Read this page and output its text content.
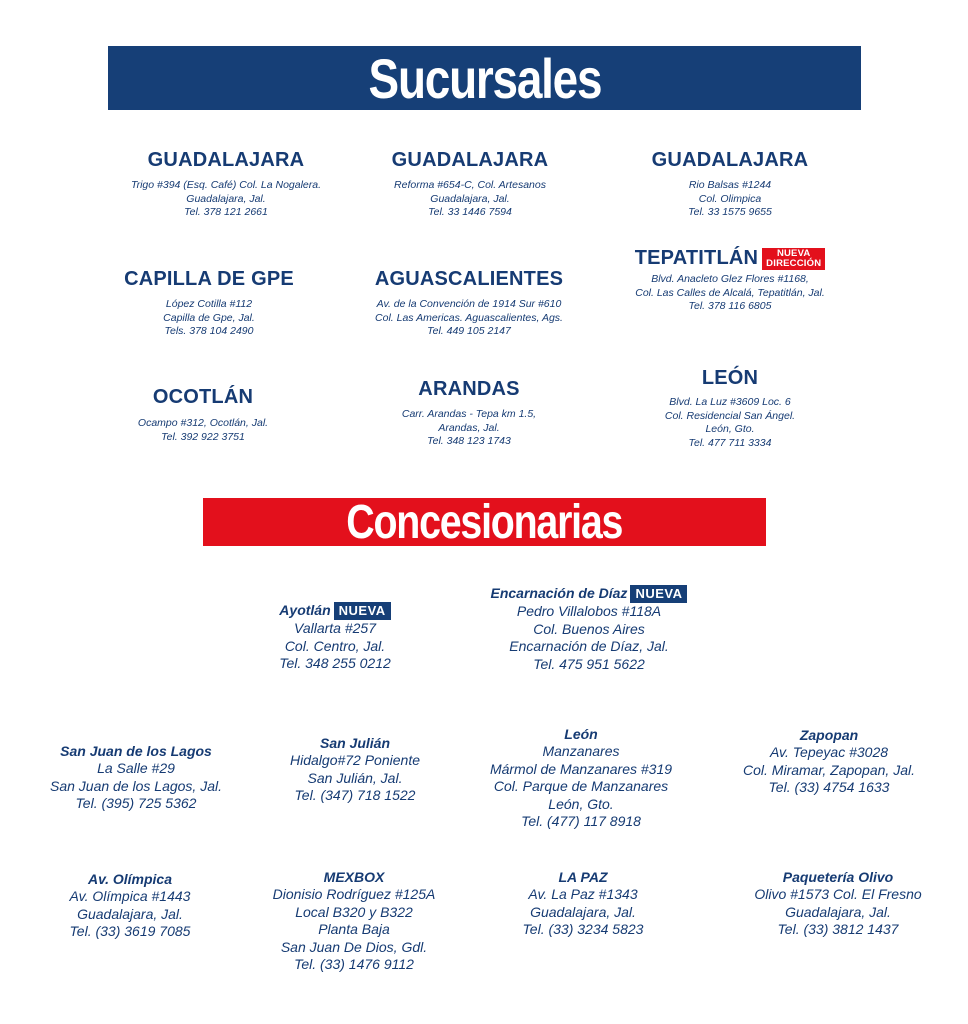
Sucursales
GUADALAJARA
Trigo #394 (Esq. Café) Col. La Nogalera.
Guadalajara, Jal.
Tel. 378 121 2661
GUADALAJARA
Reforma #654-C, Col. Artesanos
Guadalajara, Jal.
Tel. 33 1446 7594
GUADALAJARA
Rio Balsas #1244
Col. Olimpica
Tel. 33 1575 9655
CAPILLA DE GPE
López Cotilla #112
Capilla de Gpe, Jal.
Tels. 378 104 2490
AGUASCALIENTES
Av. de la Convención de 1914 Sur #610
Col. Las Americas. Aguascalientes, Ags.
Tel. 449 105 2147
TEPATITLÁN	NUEVA
DIRECCIÓN
Blvd. Anacleto Glez Flores #1168,
Col. Las Calles de Alcalá, Tepatitlán, Jal.
Tel. 378 116 6805
OCOTLÁN
Ocampo #312, Ocotlán, Jal.
Tel. 392 922 3751
ARANDAS
Carr. Arandas - Tepa km 1.5,
Arandas, Jal.
Tel. 348 123 1743
LEÓN
Blvd. La Luz #3609 Loc. 6
Col. Residencial San Ángel.
León, Gto.
Tel. 477 711 3334
Concesionarias
Ayotlán NUEVA
Vallarta #257
Col. Centro, Jal.
Tel. 348 255 0212
Encarnación de Díaz NUEVA
Pedro Villalobos #118A
Col. Buenos Aires
Encarnación de Díaz, Jal.
Tel. 475 951 5622
San Juan de los Lagos
La Salle #29
San Juan de los Lagos, Jal.
Tel. (395) 725 5362
San Julián
Hidalgo#72 Poniente
San Julián, Jal.
Tel. (347) 718 1522
León
Manzanares
Mármol de Manzanares #319
Col. Parque de Manzanares
León, Gto.
Tel. (477) 117 8918
Zapopan
Av. Tepeyac #3028
Col. Miramar, Zapopan, Jal.
Tel. (33) 4754 1633
Av. Olímpica
Av. Olímpica #1443
Guadalajara, Jal.
Tel. (33) 3619 7085
MEXBOX
Dionisio Rodríguez #125A
Local B320 y B322
Planta Baja
San Juan De Dios, Gdl.
Tel. (33) 1476 9112
LA PAZ
Av. La Paz #1343
Guadalajara, Jal.
Tel. (33) 3234 5823
Paquetería Olivo
Olivo #1573 Col. El Fresno
Guadalajara, Jal.
Tel. (33) 3812 1437
